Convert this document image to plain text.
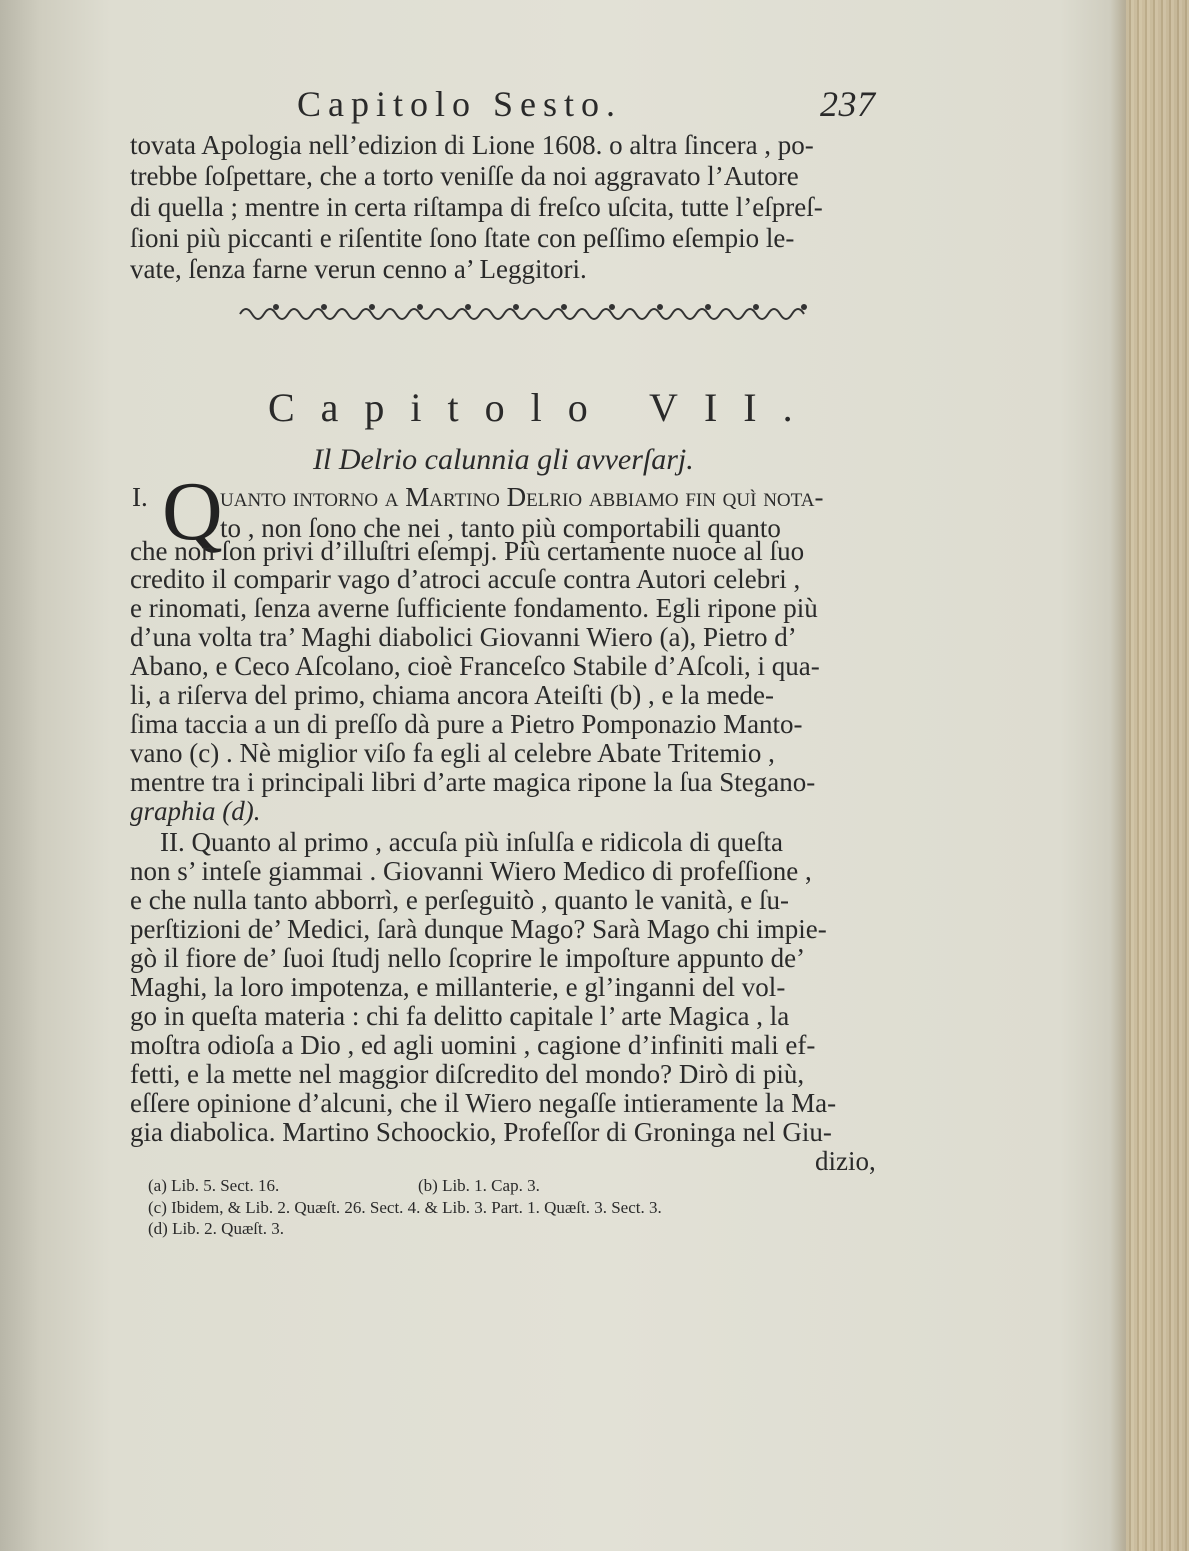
Capitolo Sesto.

	237

tovata Apologia nell’edizion di Lione 1608. o altra ſincera , po-
trebbe ſoſpettare, che a torto veniſſe da noi aggravato l’Autore
di quella ; mentre in certa riſtampa di freſco uſcita, tutte l’eſpreſ-
ſioni più piccanti e riſentite ſono ſtate con peſſimo eſempio le-
vate, ſenza farne verun cenno a’ Leggitori.

Capitolo VII.

Il Delrio calunnia gli avverſarj.

I. Q
uanto intorno a Martino Delrio abbiamo fin quì nota-
to , non ſono che nei , tanto più comportabili quanto
che non ſon privi d’illuſtri eſempj. Più certamente nuoce al ſuo
credito il comparir vago d’atroci accuſe contra Autori celebri ,
e rinomati, ſenza averne ſufficiente fondamento. Egli ripone più
d’una volta tra’ Maghi diabolici Giovanni Wiero (a), Pietro d’
Abano, e Ceco Aſcolano, cioè Franceſco Stabile d’Aſcoli, i qua-
li, a riſerva del primo, chiama ancora Ateiſti (b) , e la mede-
ſima taccia a un di preſſo dà pure a Pietro Pomponazio Manto-
vano (c) . Nè miglior viſo fa egli al celebre Abate Tritemio ,
mentre tra i principali libri d’arte magica ripone la ſua Stegano-
graphia (d).
II. Quanto al primo , accuſa più inſulſa e ridicola di queſta
non s’ inteſe giammai . Giovanni Wiero Medico di profeſſione ,
e che nulla tanto abborrì, e perſeguitò , quanto le vanità, e ſu-
perſtizioni de’ Medici, ſarà dunque Mago? Sarà Mago chi impie-
gò il fiore de’ ſuoi ſtudj nello ſcoprire le impoſture appunto de’
Maghi, la loro impotenza, e millanterie, e gl’inganni del vol-
go in queſta materia : chi fa delitto capitale l’ arte Magica , la
moſtra odioſa a Dio , ed agli uomini , cagione d’infiniti mali ef-
fetti, e la mette nel maggior diſcredito del mondo? Dirò di più,
eſſere opinione d’alcuni, che il Wiero negaſſe intieramente la Ma-
gia diabolica. Martino Schoockio, Profeſſor di Groninga nel Giu-
dizio,

(a) Lib. 5. Sect. 16.

	(b) Lib. 1. Cap. 3.

(c) Ibidem, & Lib. 2. Quæſt. 26. Sect. 4. & Lib. 3. Part. 1. Quæſt. 3. Sect. 3.

(d) Lib. 2. Quæſt. 3.
